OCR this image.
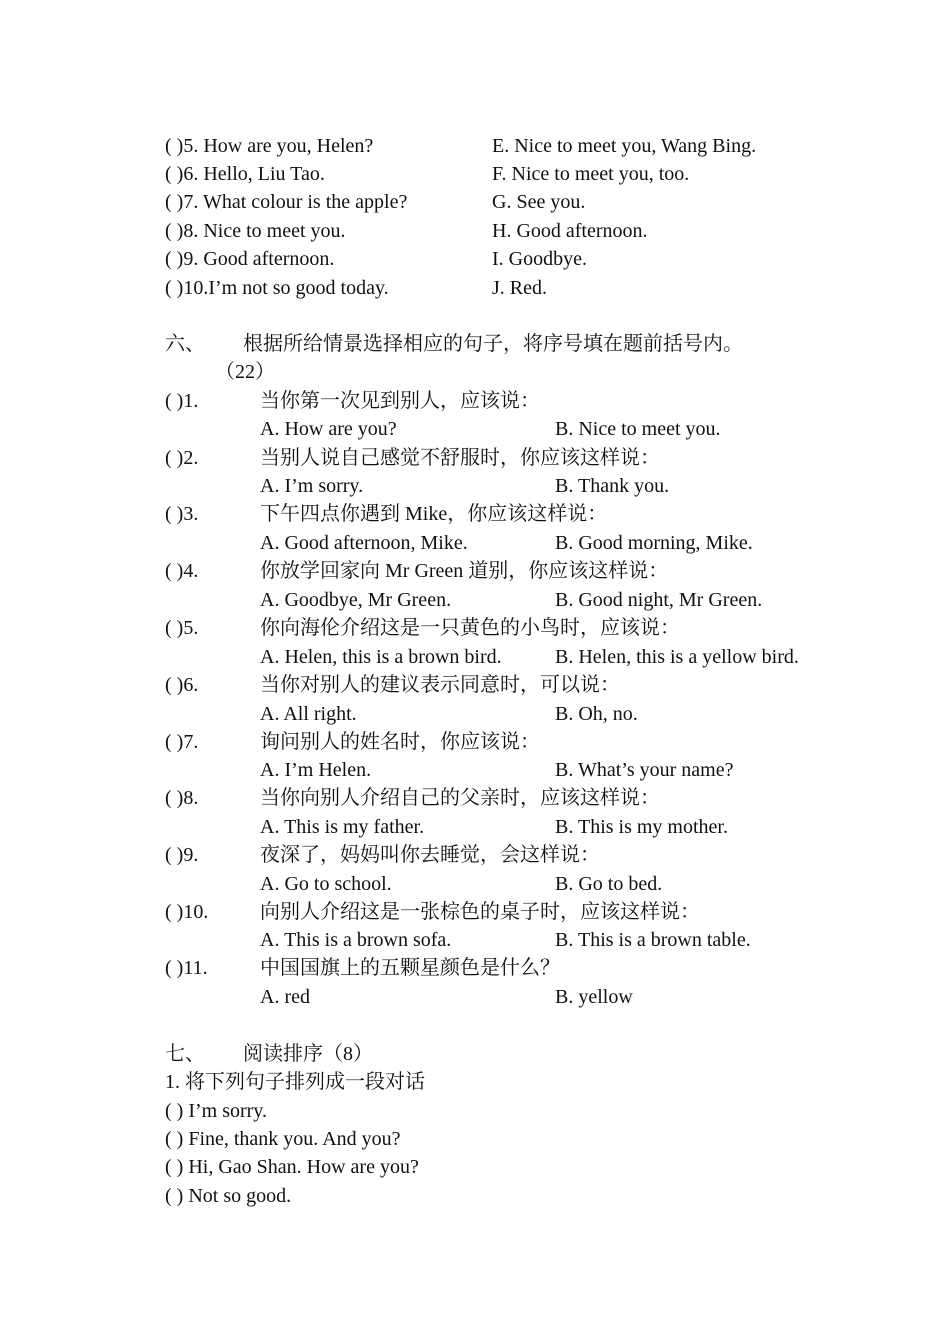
( )5. How are you, Helen?	E. Nice to meet you, Wang Bing.
( )6. Hello, Liu Tao.	F. Nice to meet you, too.
( )7. What colour is the apple?	G. See you.
( )8. Nice to meet you.	H. Good afternoon.
( )9. Good afternoon.	I. Goodbye.
( )10.I’m not so good today.	J. Red.
六、 根据所给情景选择相应的句子，将序号填在题前括号内。
（22）
( )1.	当你第一次见到别人，应该说：
A. How are you?	B. Nice to meet you.
( )2.	当别人说自己感觉不舒服时，你应该这样说：
A. I’m sorry.	B. Thank you.
( )3.	下午四点你遇到 Mike，你应该这样说：
A. Good afternoon, Mike.	B. Good morning, Mike.
( )4.	你放学回家向 Mr Green 道别，你应该这样说：
A. Goodbye, Mr Green.	B. Good night, Mr Green.
( )5.	你向海伦介绍这是一只黄色的小鸟时，应该说：
A. Helen, this is a brown bird.	B. Helen, this is a yellow bird.
( )6.	当你对别人的建议表示同意时，可以说：
A. All right.	B. Oh, no.
( )7.	询问别人的姓名时，你应该说：
A. I’m Helen.	B. What’s your name?
( )8.	当你向别人介绍自己的父亲时，应该这样说：
A. This is my father.	B. This is my mother.
( )9.	夜深了，妈妈叫你去睡觉，会这样说：
A. Go to school.	B. Go to bed.
( )10.	向别人介绍这是一张棕色的桌子时，应该这样说：
A. This is a brown sofa.	B. This is a brown table.
( )11.	中国国旗上的五颗星颜色是什么？
A. red	B. yellow
七、 阅读排序（8）
1. 将下列句子排列成一段对话
( ) I’m sorry.
( ) Fine, thank you. And you?
( ) Hi, Gao Shan. How are you?
( ) Not so good.
